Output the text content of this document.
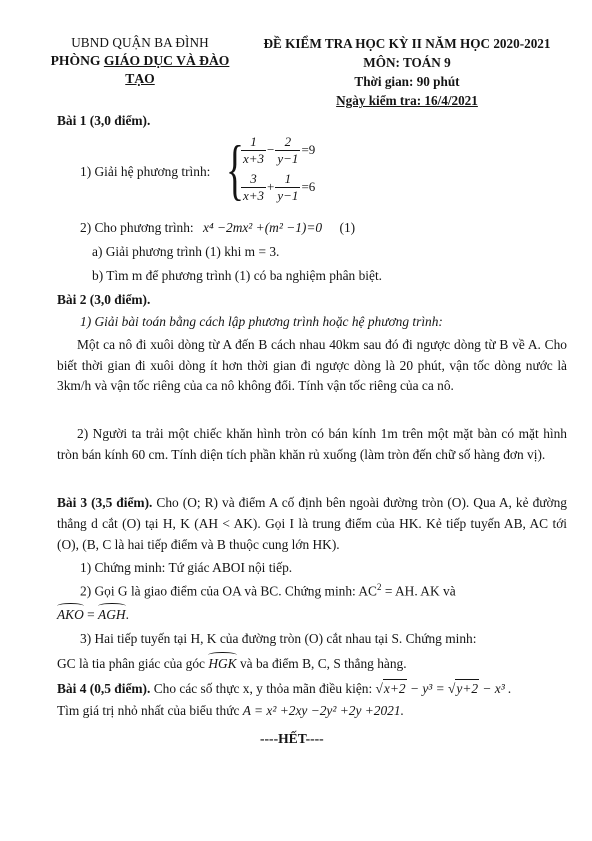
UBND QUẬN BA ĐÌNH
PHÒNG GIÁO DỤC VÀ ĐÀO TẠO
ĐỀ KIỂM TRA HỌC KỲ II NĂM HỌC 2020-2021
MÔN: TOÁN 9
Thời gian: 90 phút
Ngày kiểm tra: 16/4/2021
Bài 1 (3,0 điểm).
1) Giải hệ phương trình: {
$\frac{1}{x+3} - \frac{2}{y-1} =9$
$\frac{3}{x+3} + \frac{1}{y-1} =6$
2) Cho phương trình: x⁴ −2mx² +(m² −1)=0 (1)
a) Giải phương trình (1) khi m = 3.
b) Tìm m để phương trình (1) có ba nghiệm phân biệt.
Bài 2 (3,0 điểm).
1) Giải bài toán bằng cách lập phương trình hoặc hệ phương trình:
Một ca nô đi xuôi dòng từ A đến B cách nhau 40km sau đó đi ngược dòng từ B về A. Cho biết thời gian đi xuôi dòng ít hơn thời gian đi ngược dòng là 20 phút, vận tốc dòng nước là 3km/h và vận tốc riêng của ca nô không đổi. Tính vận tốc riêng của ca nô.
2) Người ta trải một chiếc khăn hình tròn có bán kính 1m trên một mặt bàn có mặt hình tròn bán kính 60 cm. Tính diện tích phần khăn rủ xuống (làm tròn đến chữ số hàng đơn vị).
Bài 3 (3,5 điểm). Cho (O; R) và điểm A cố định bên ngoài đường tròn (O). Qua A, kẻ đường thẳng d cắt (O) tại H, K (AH < AK). Gọi I là trung điểm của HK. Kẻ tiếp tuyến AB, AC tới (O), (B, C là hai tiếp điểm và B thuộc cung lớn HK).
1) Chứng minh: Tứ giác ABOI nội tiếp.
2) Gọi G là giao điểm của OA và BC. Chứng minh: $AC^2$ = AH. AK và
AKO = AGH.
3) Hai tiếp tuyến tại H, K của đường tròn (O) cắt nhau tại S. Chứng minh:
GC là tia phân giác của góc HGK và ba điểm B, C, S thẳng hàng.
Bài 4 (0,5 điểm). Cho các số thực x, y thỏa mãn điều kiện: √x+2 − y³ = √y+2 − x³ .
Tìm giá trị nhỏ nhất của biểu thức A = x² +2xy −2y² +2y +2021.
----HẾT----
